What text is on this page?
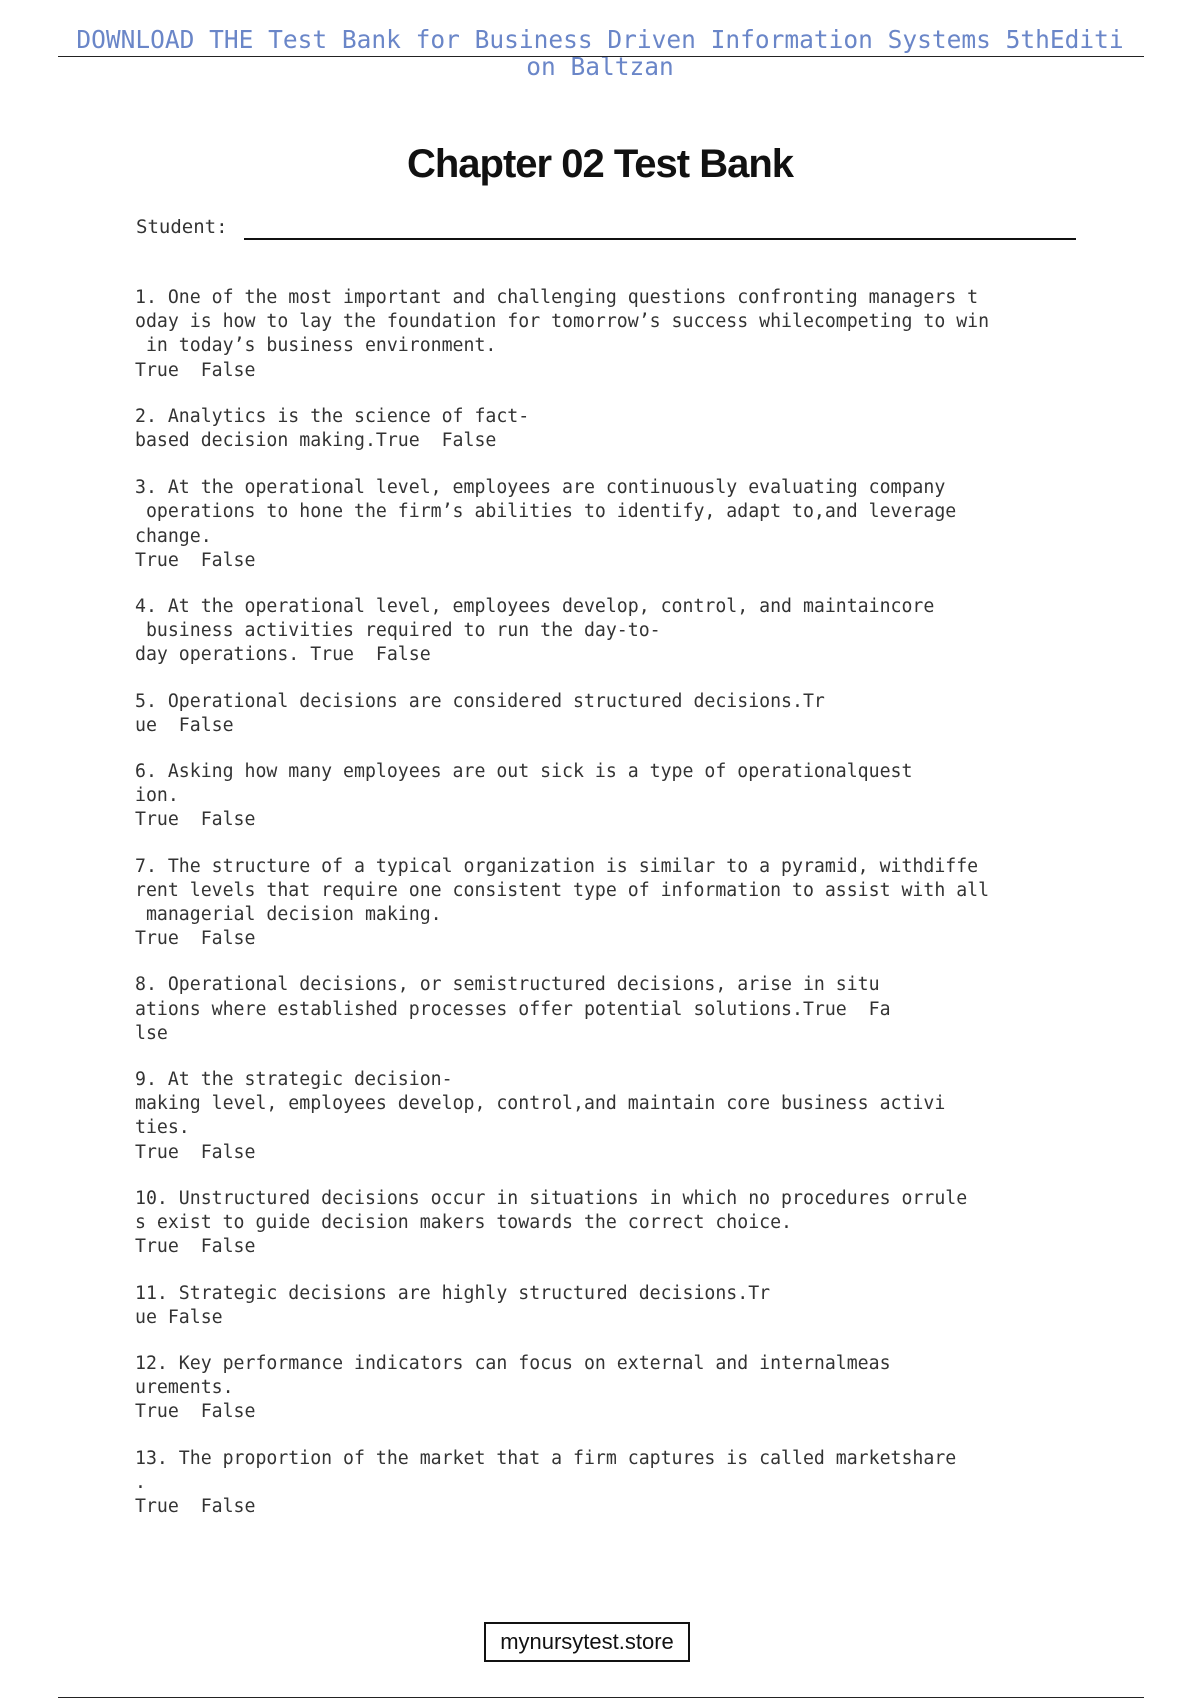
DOWNLOAD THE Test Bank for Business Driven Information Systems 5thEditi
on Baltzan
Chapter 02 Test Bank
Student:
1. One of the most important and challenging questions confronting managers t
oday is how to lay the foundation for tomorrow’s success whilecompeting to win
in today’s business environment.
True  False
2. Analytics is the science of fact-
based decision making.True  False
3. At the operational level, employees are continuously evaluating company
operations to hone the firm’s abilities to identify, adapt to,and leverage
change.
True  False
4. At the operational level, employees develop, control, and maintaincore
business activities required to run the day-to-
day operations. True  False
5. Operational decisions are considered structured decisions.Tr
ue  False
6. Asking how many employees are out sick is a type of operationalquest
ion.
True  False
7. The structure of a typical organization is similar to a pyramid, withdiffe
rent levels that require one consistent type of information to assist with all
managerial decision making.
True  False
8. Operational decisions, or semistructured decisions, arise in situ
ations where established processes offer potential solutions.True  Fa
lse
9. At the strategic decision-
making level, employees develop, control,and maintain core business activi
ties.
True  False
10. Unstructured decisions occur in situations in which no procedures orrule
s exist to guide decision makers towards the correct choice.
True  False
11. Strategic decisions are highly structured decisions.Tr
ue False
12. Key performance indicators can focus on external and internalmeas
urements.
True  False
13. The proportion of the market that a firm captures is called marketshare
.
True  False
mynursytest.store
